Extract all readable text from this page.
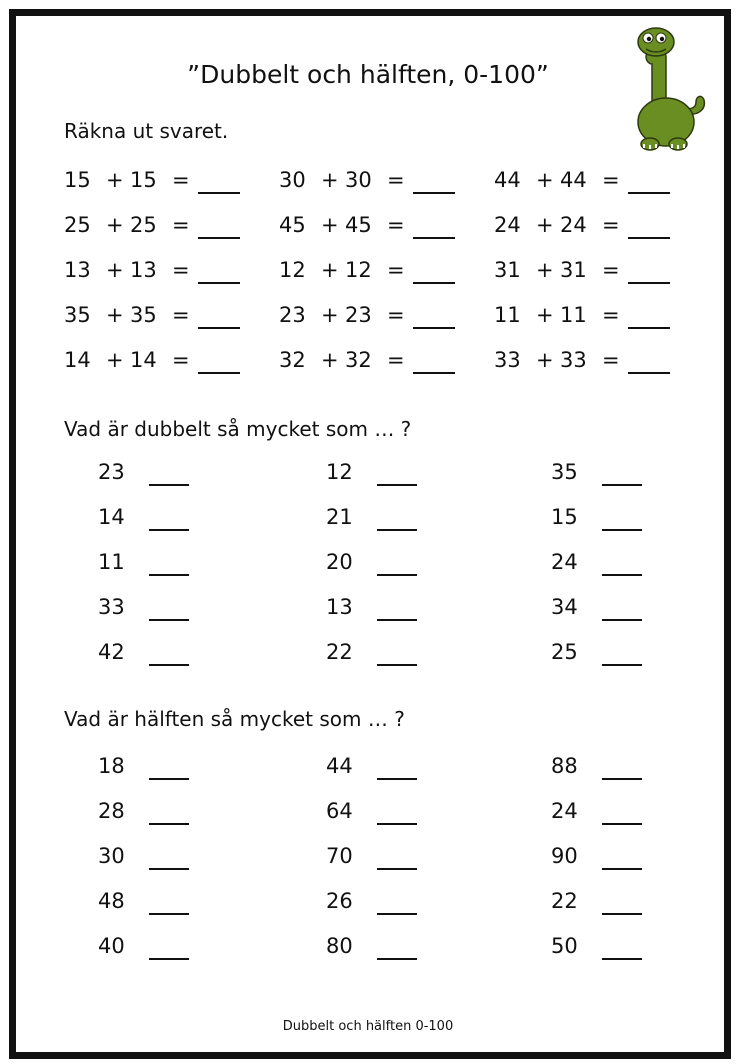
”Dubbelt och hälften, 0-100”
Räkna ut svaret.
Vad är dubbelt så mycket som … ?
Vad är hälften så mycket som … ?
Dubbelt och hälften 0-100
15 + 15 =
25 + 25 =
13 + 13 =
35 + 35 =
14 + 14 =
30 + 30 =
45 + 45 =
12 + 12 =
23 + 23 =
32 + 32 =
44 + 44 =
24 + 24 =
31 + 31 =
11 + 11 =
33 + 33 =
23
14
11
33
42
12
21
20
13
22
35
15
24
34
25
18
28
30
48
40
44
64
70
26
80
88
24
90
22
50
